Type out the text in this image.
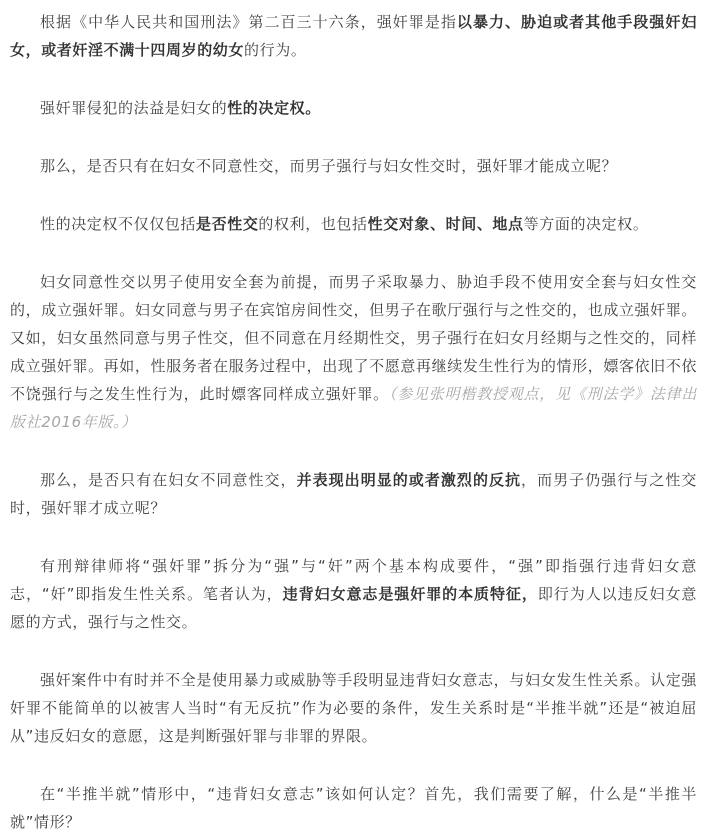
根据《中华人民共和国刑法》第二百三十六条，强奸罪是指以暴力、胁迫或者其他手段强奸妇女，或者奸淫不满十四周岁的幼女的行为。

强奸罪侵犯的法益是妇女的性的决定权。

那么，是否只有在妇女不同意性交，而男子强行与妇女性交时，强奸罪才能成立呢？

性的决定权不仅仅包括是否性交的权利，也包括性交对象、时间、地点等方面的决定权。

妇女同意性交以男子使用安全套为前提，而男子采取暴力、胁迫手段不使用安全套与妇女性交的，成立强奸罪。妇女同意与男子在宾馆房间性交，但男子在歌厅强行与之性交的，也成立强奸罪。又如，妇女虽然同意与男子性交，但不同意在月经期性交，男子强行在妇女月经期与之性交的，同样成立强奸罪。再如，性服务者在服务过程中，出现了不愿意再继续发生性行为的情形，嫖客依旧不依不饶强行与之发生性行为，此时嫖客同样成立强奸罪。（参见张明楷教授观点，见《刑法学》法律出版社2016年版。）

那么，是否只有在妇女不同意性交，并表现出明显的或者激烈的反抗，而男子仍强行与之性交时，强奸罪才成立呢？

有刑辩律师将“强奸罪”拆分为“强”与“奸”两个基本构成要件，“强”即指强行违背妇女意志，“奸”即指发生性关系。笔者认为，违背妇女意志是强奸罪的本质特征，即行为人以违反妇女意愿的方式，强行与之性交。

强奸案件中有时并不全是使用暴力或威胁等手段明显违背妇女意志，与妇女发生性关系。认定强奸罪不能简单的以被害人当时“有无反抗”作为必要的条件，发生关系时是“半推半就”还是“被迫屈从”违反妇女的意愿，这是判断强奸罪与非罪的界限。

在“半推半就”情形中，“违背妇女意志”该如何认定？首先，我们需要了解，什么是“半推半就”情形？
